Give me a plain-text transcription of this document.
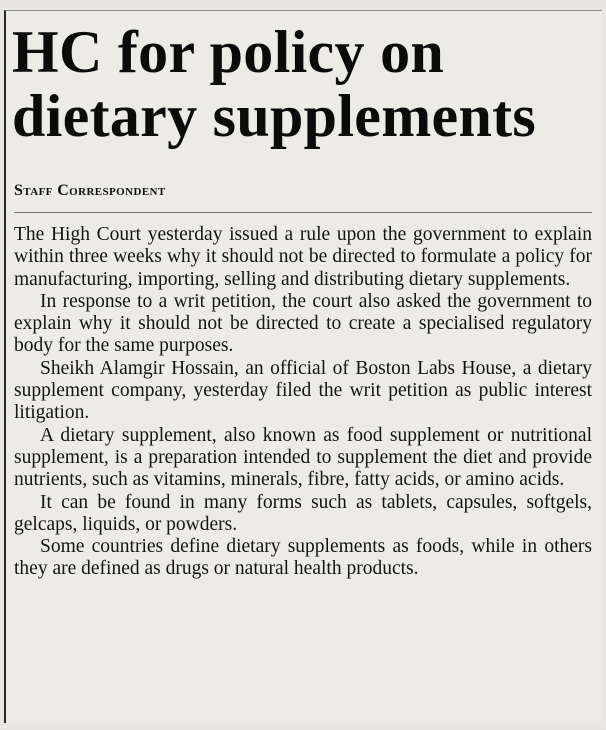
HC for policy on dietary supplements
Staff Correspondent

The High Court yesterday issued a rule upon the government to explain within three weeks why it should not be directed to formulate a policy for manufacturing, importing, selling and distributing dietary supplements.

In response to a writ petition, the court also asked the government to explain why it should not be directed to create a specialised regulatory body for the same purposes.

Sheikh Alamgir Hossain, an official of Boston Labs House, a dietary supplement company, yesterday filed the writ petition as public interest litigation.

A dietary supplement, also known as food supplement or nutritional supplement, is a preparation intended to supplement the diet and provide nutrients, such as vitamins, minerals, fibre, fatty acids, or amino acids.

It can be found in many forms such as tablets, capsules, softgels, gelcaps, liquids, or powders.

Some countries define dietary supplements as foods, while in others they are defined as drugs or natural health products.
